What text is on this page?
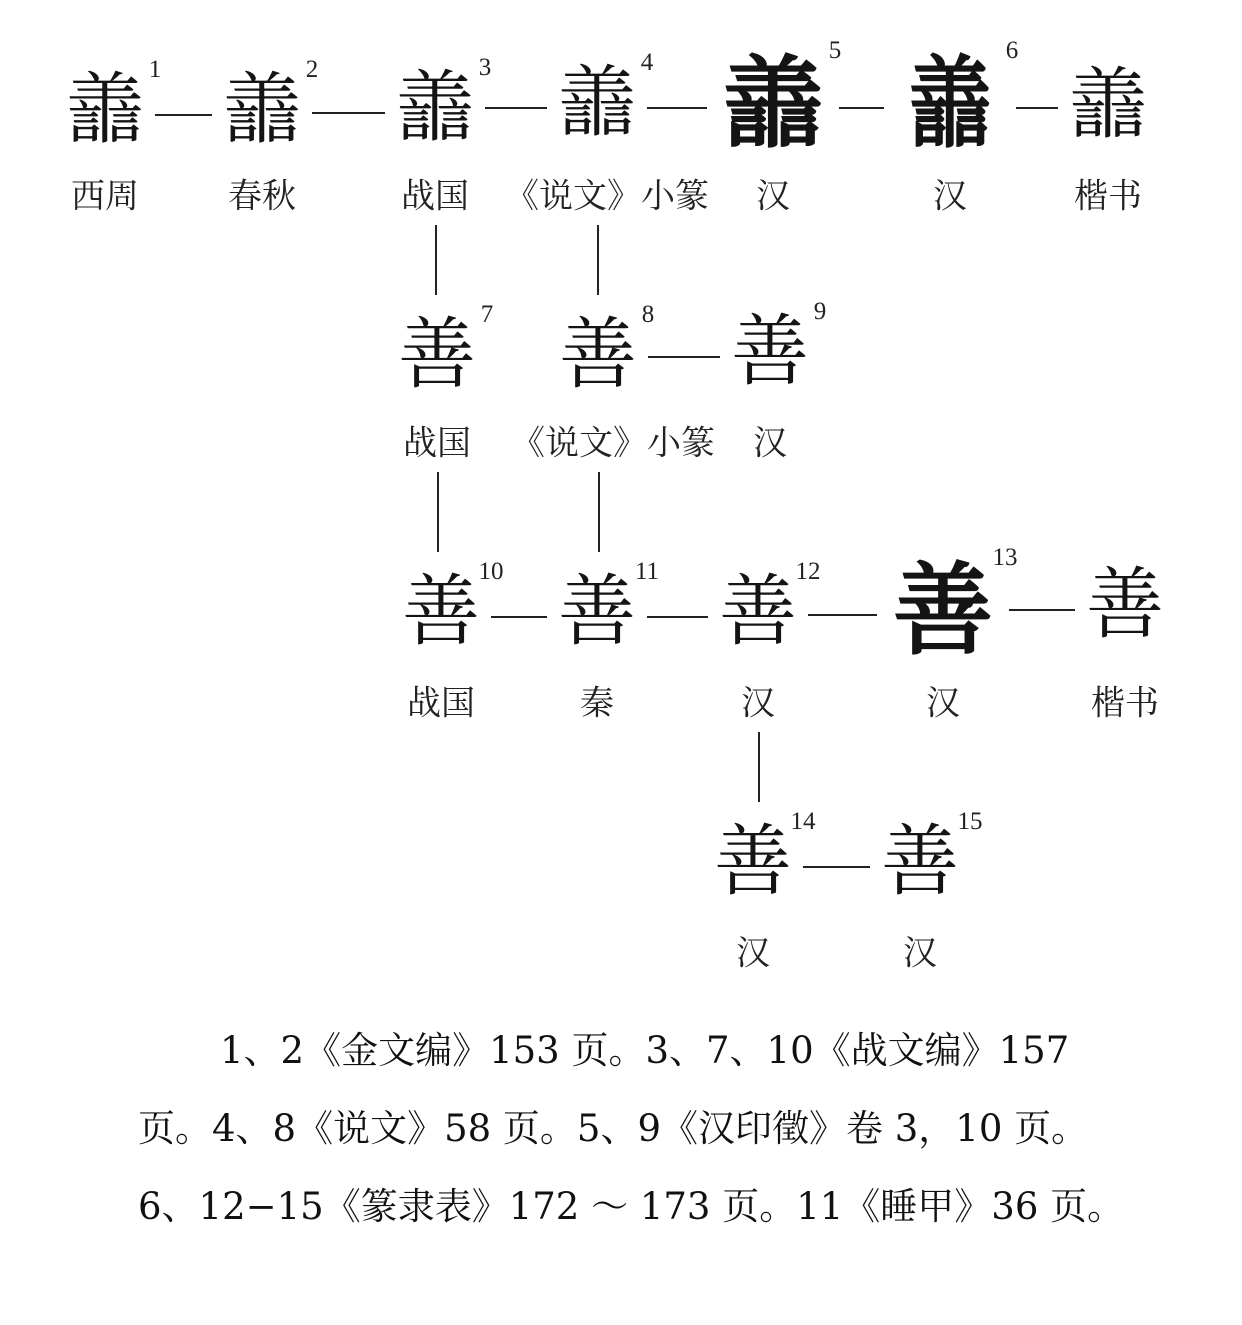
譱 1
西周
譱 2
春秋
譱 3
战国
譱 4
《说文》小篆
譱 5
汉
譱 6
汉
譱
楷书
善 7
战国
善 8
《说文》小篆
善 9
汉
善
10
战国
善
11
秦
善
12
汉
善 13
汉
善
楷书
善
14
汉
善
15
汉

1、2《金文编》153 页。3、7、10《战文编》157 页。4、8《说文》58 页。5、9《汉印徵》卷 3，10 页。6、12−15《篆隶表》172 ～ 173 页。11《睡甲》36 页。
